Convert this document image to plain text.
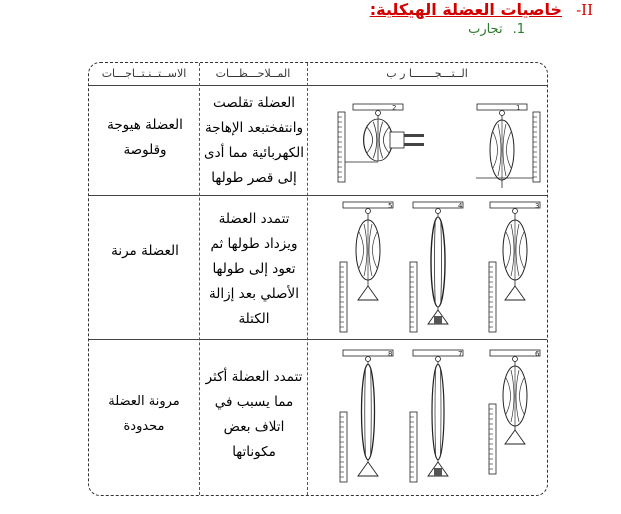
II-
خاصيات العضلة الهيكلية:
1.
تجارب
الاســتــنـتــاجـــات	المــلاحـــظـــات	الــتـــجـــــــا ر ب
العضلة هيوجة وقلوصة
العضلة تقلصت وانتفختبعد الإهاجة الكهربائية مما أدى إلى قصر طولها
العضلة مرنة
تتمدد العضلة ويزداد طولها ثم تعود إلى طولها الأصلي بعد إزالة الكتلة
مرونة العضلة محدودة
تتمدد العضلة أكثر مما يسبب في اتلاف بعض مكوناتها
1
2
3
4
5
6
7
8
